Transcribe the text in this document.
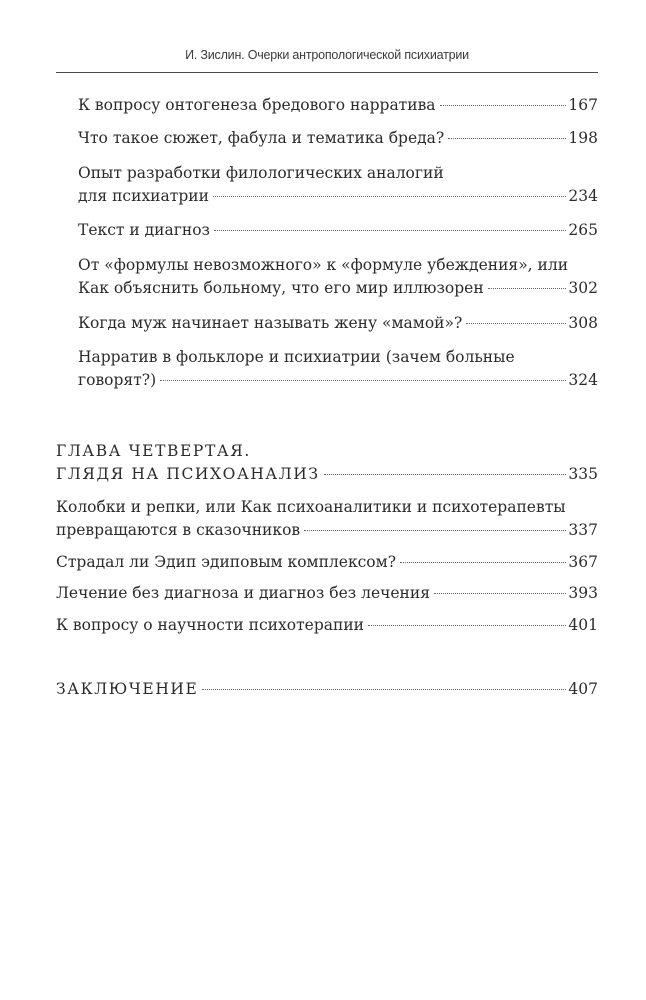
И. Зислин. Очерки антропологической психиатрии
К вопросу онтогенеза бредового нарратива	167
Что такое сюжет, фабула и тематика бреда?	198
Опыт разработки филологических аналогий
для психиатрии	234
Текст и диагноз	265
От «формулы невозможного» к «формуле убеждения», или
Как объяснить больному, что его мир иллюзорен	302
Когда муж начинает называть жену «мамой»?	308
Нарратив в фольклоре и психиатрии (зачем больные
говорят?)	324
ГЛАВА ЧЕТВЕРТАЯ.
ГЛЯДЯ НА ПСИХОАНАЛИЗ	335
Колобки и репки, или Как психоаналитики и психотерапевты
превращаются в сказочников	337
Страдал ли Эдип эдиповым комплексом?	367
Лечение без диагноза и диагноз без лечения	393
К вопросу о научности психотерапии	401
ЗАКЛЮЧЕНИЕ	407
